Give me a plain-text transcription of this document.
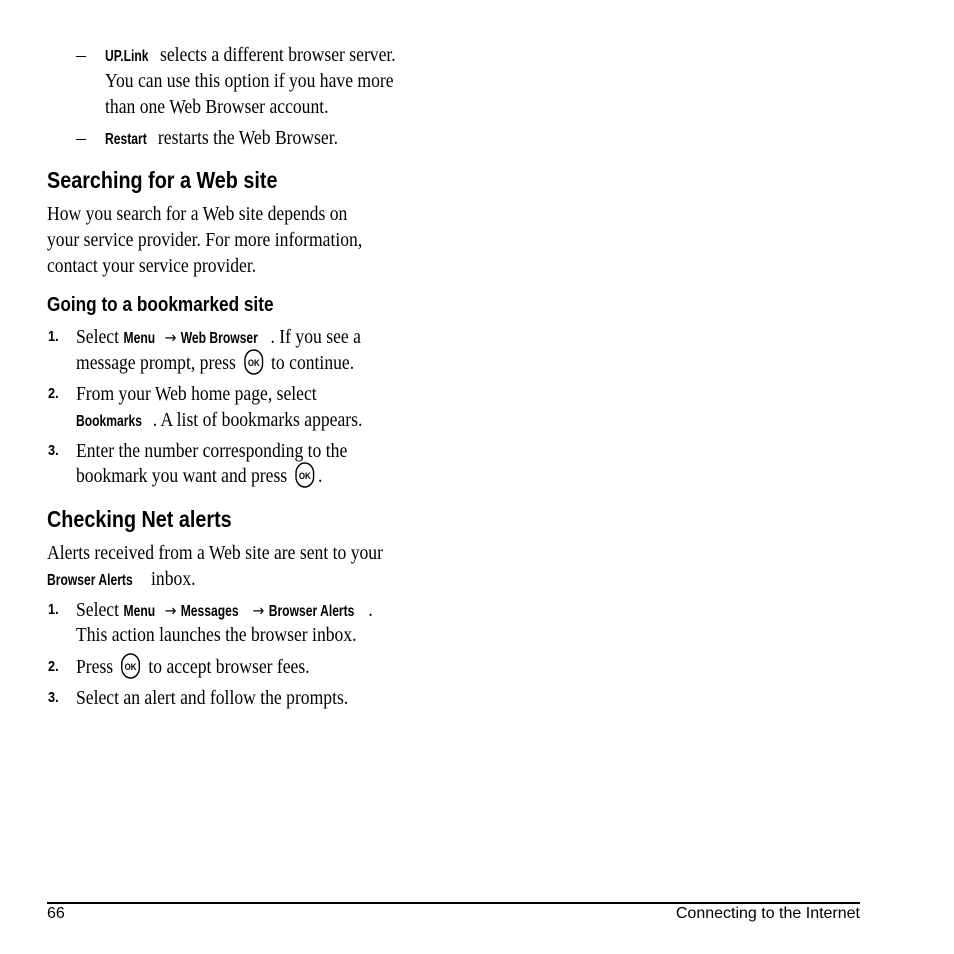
– UP.Link selects a different browser server.
You can use this option if you have more
than one Web Browser account.
– Restart restarts the Web Browser.
Searching for a Web site
How you search for a Web site depends on
your service provider. For more information,
contact your service provider.
Going to a bookmarked site
1. Select Menu → Web Browser . If you see a
message prompt, press OK to continue.
2. From your Web home page, select
Bookmarks . A list of bookmarks appears.
3. Enter the number corresponding to the
bookmark you want and press OK .
Checking Net alerts
Alerts received from a Web site are sent to your
Browser Alerts inbox.
1. Select Menu → Messages → Browser Alerts .
This action launches the browser inbox.
2. Press OK to accept browser fees.
3. Select an alert and follow the prompts.
66	Connecting to the Internet
